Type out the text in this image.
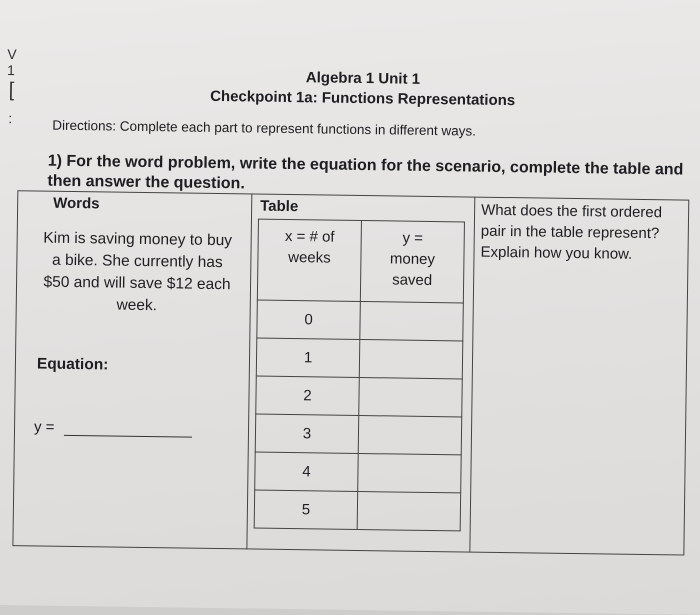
V
1
[
:
Algebra 1 Unit 1
Checkpoint 1a: Functions Representations
Directions: Complete each part to represent functions in different ways.
1) For the word problem, write the equation for the scenario, complete the table and then answer the question.
Words
Kim is saving money to buy a bike. She currently has $50 and will save $12 each week.
Equation:
y =
Table
x = # of weeks	y = money saved

0	
1	
2	
3	
4	
5	
What does the first ordered pair in the table represent? Explain how you know.
